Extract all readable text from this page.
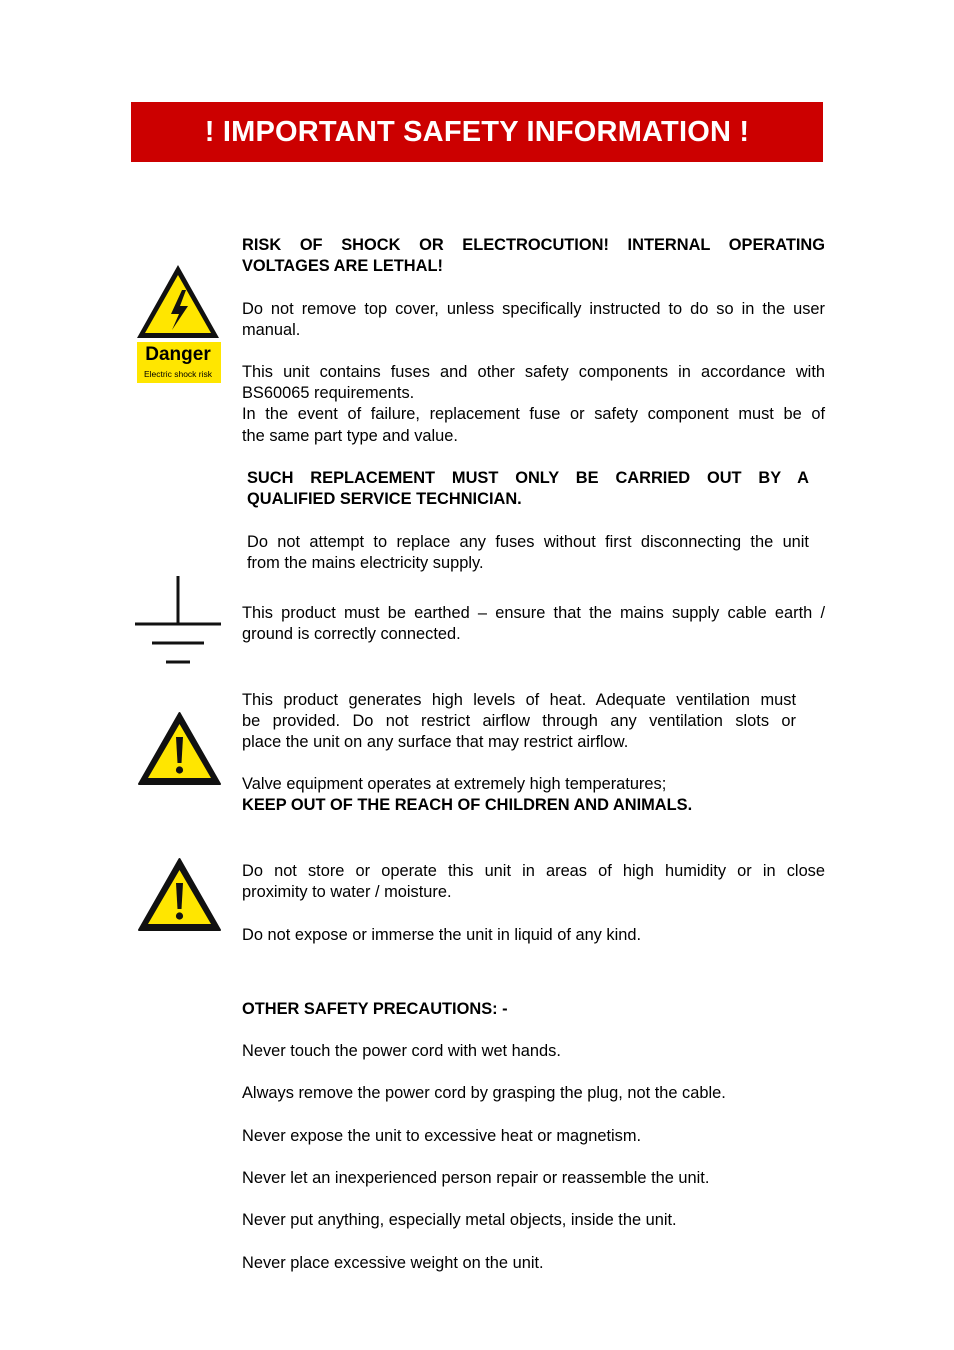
! IMPORTANT SAFETY INFORMATION !
Danger
Electric shock risk
RISK OF SHOCK OR ELECTROCUTION! INTERNAL OPERATING
VOLTAGES ARE LETHAL!
Do not remove top cover, unless specifically instructed to do so in the user
manual.
This unit contains fuses and other safety components in accordance with
BS60065 requirements.
In the event of failure, replacement fuse or safety component must be of
the same part type and value.
SUCH REPLACEMENT MUST ONLY BE CARRIED OUT BY A
QUALIFIED SERVICE TECHNICIAN.
Do not attempt to replace any fuses without first disconnecting the unit
from the mains electricity supply.
This product must be earthed – ensure that the mains supply cable earth /
ground is correctly connected.
This product generates high levels of heat. Adequate ventilation must
be provided. Do not restrict airflow through any ventilation slots or
place the unit on any surface that may restrict airflow.
Valve equipment operates at extremely high temperatures;
KEEP OUT OF THE REACH OF CHILDREN AND ANIMALS.
Do not store or operate this unit in areas of high humidity or in close
proximity to water / moisture.
Do not expose or immerse the unit in liquid of any kind.
OTHER SAFETY PRECAUTIONS: -
Never touch the power cord with wet hands.
Always remove the power cord by grasping the plug, not the cable.
Never expose the unit to excessive heat or magnetism.
Never let an inexperienced person repair or reassemble the unit.
Never put anything, especially metal objects, inside the unit.
Never place excessive weight on the unit.
